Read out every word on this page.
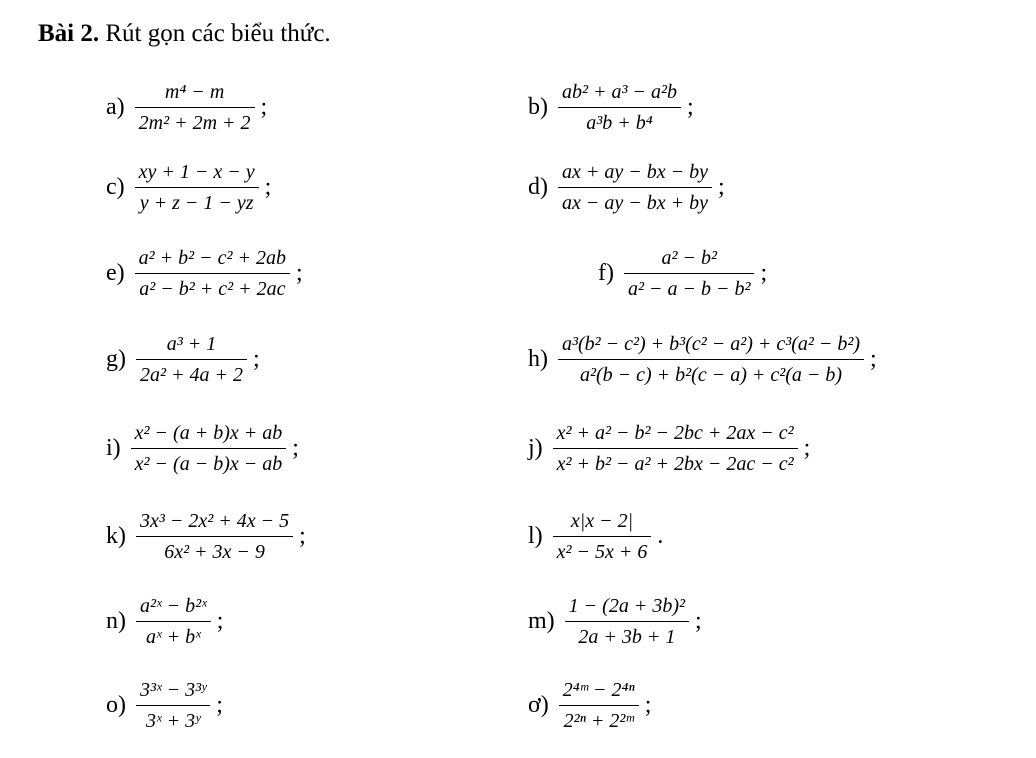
Bài 2. Rút gọn các biểu thức.
$a) \frac{\text{m⁴ − m}}{\text{2m² + 2m + 2}}$ ;	$b) \frac{\text{ab² + a³ − a²b}}{\text{a³b + b⁴}}$ ;
$c) \frac{xy + 1 - x - y}{y + z - 1 - yz}$ ;	$d) \frac{ax + ay - bx - by}{ax - ay - bx + by}$ ;
$e) \frac{\text{a² + b² − c² + 2ab}}{\text{a² − b² + c² + 2ac}}$ ;	$f) \frac{\text{a² − b²}}{\text{a² − a − b − b²}}$ ;
$g) \frac{\text{a³ + 1}}{\text{2a² + 4a + 2}}$ ;	$h) \frac{\text{a³(b² − c²) + b³(c² − a²) + c³(a² − b²)}}{\text{a²(b − c) + b²(c − a) + c²(a − b)}}$ ;
$i) \frac{\text{x² − (a + b)x + ab}}{\text{x² − (a − b)x − ab}}$ ;	$j) \frac{\text{x² + a² − b² − 2bc + 2ax − c²}}{\text{x² + b² − a² + 2bx − 2ac − c²}}$ ;
$k) \frac{\text{3x³ − 2x² + 4x − 5}}{\text{6x² + 3x − 9}}$ ;	$l) \frac{x|x - 2|}{\text{x² − 5x + 6}}$ .
$n) \frac{\text{a²ˣ − b²ˣ}}{\text{aˣ + bˣ}}$ ;	$m) \frac{\text{1 − (2a + 3b)²}}{2a + 3b + 1}$ ;
$o) \frac{\text{3³ˣ − 3³ʸ}}{\text{3ˣ + 3ʸ}}$ ;	ơ) $\frac{\text{2⁴ᵐ − 2⁴ⁿ}}{\text{2²ⁿ + 2²ᵐ}}$ ;
